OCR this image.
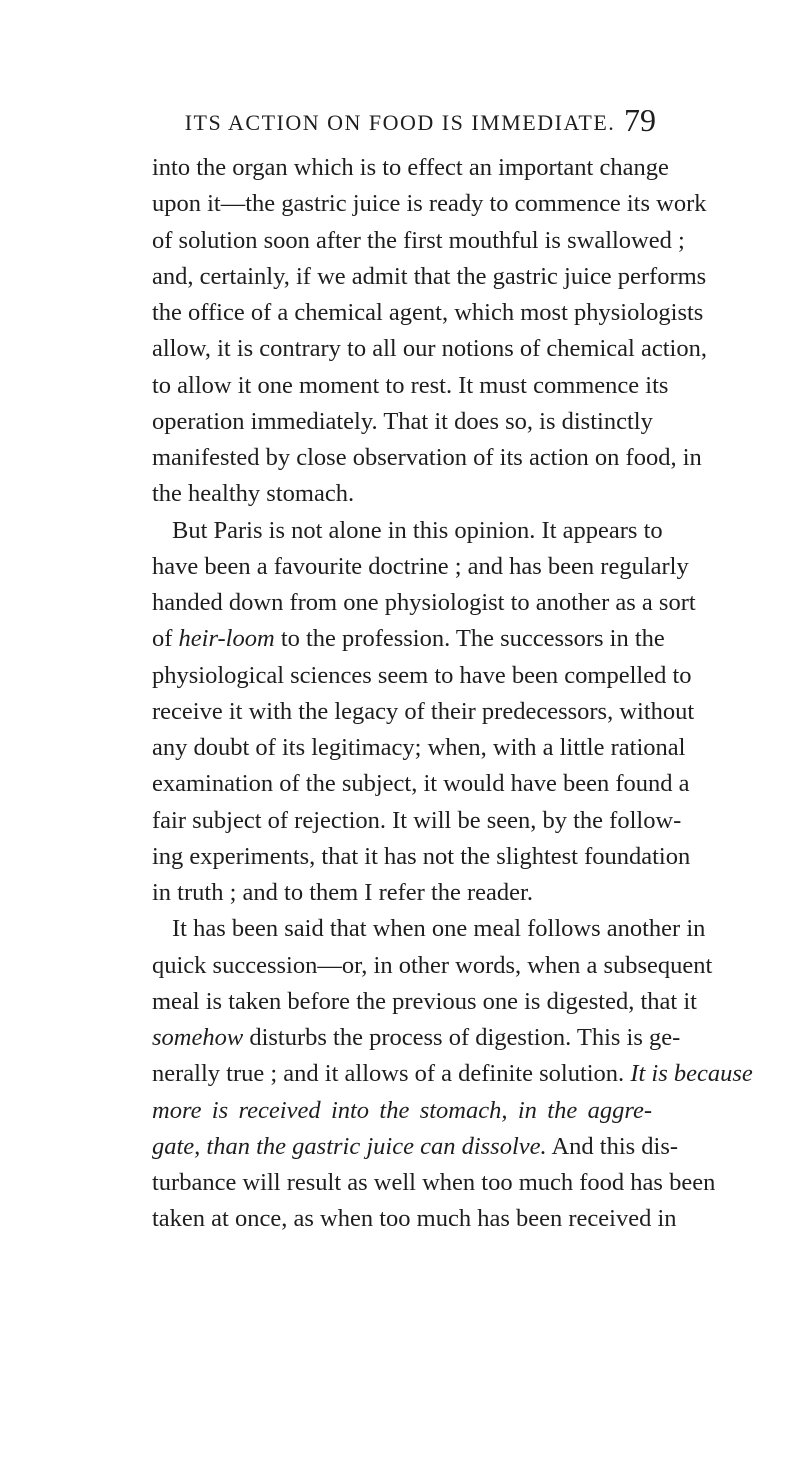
ITS ACTION ON FOOD IS IMMEDIATE. 79
into the organ which is to effect an important change
upon it—the gastric juice is ready to commence its work
of solution soon after the first mouthful is swallowed ;
and, certainly, if we admit that the gastric juice performs
the office of a chemical agent, which most physiologists
allow, it is contrary to all our notions of chemical action,
to allow it one moment to rest. It must commence its
operation immediately. That it does so, is distinctly
manifested by close observation of its action on food, in
the healthy stomach.
But Paris is not alone in this opinion. It appears to
have been a favourite doctrine ; and has been regularly
handed down from one physiologist to another as a sort
of heir-loom to the profession. The successors in the
physiological sciences seem to have been compelled to
receive it with the legacy of their predecessors, without
any doubt of its legitimacy; when, with a little rational
examination of the subject, it would have been found a
fair subject of rejection. It will be seen, by the follow-
ing experiments, that it has not the slightest foundation
in truth ; and to them I refer the reader.
It has been said that when one meal follows another in
quick succession—or, in other words, when a subsequent
meal is taken before the previous one is digested, that it
somehow disturbs the process of digestion. This is ge-
nerally true ; and it allows of a definite solution. It is because
more is received into the stomach, in the aggre-
gate, than the gastric juice can dissolve. And this dis-
turbance will result as well when too much food has been
taken at once, as when too much has been received in
